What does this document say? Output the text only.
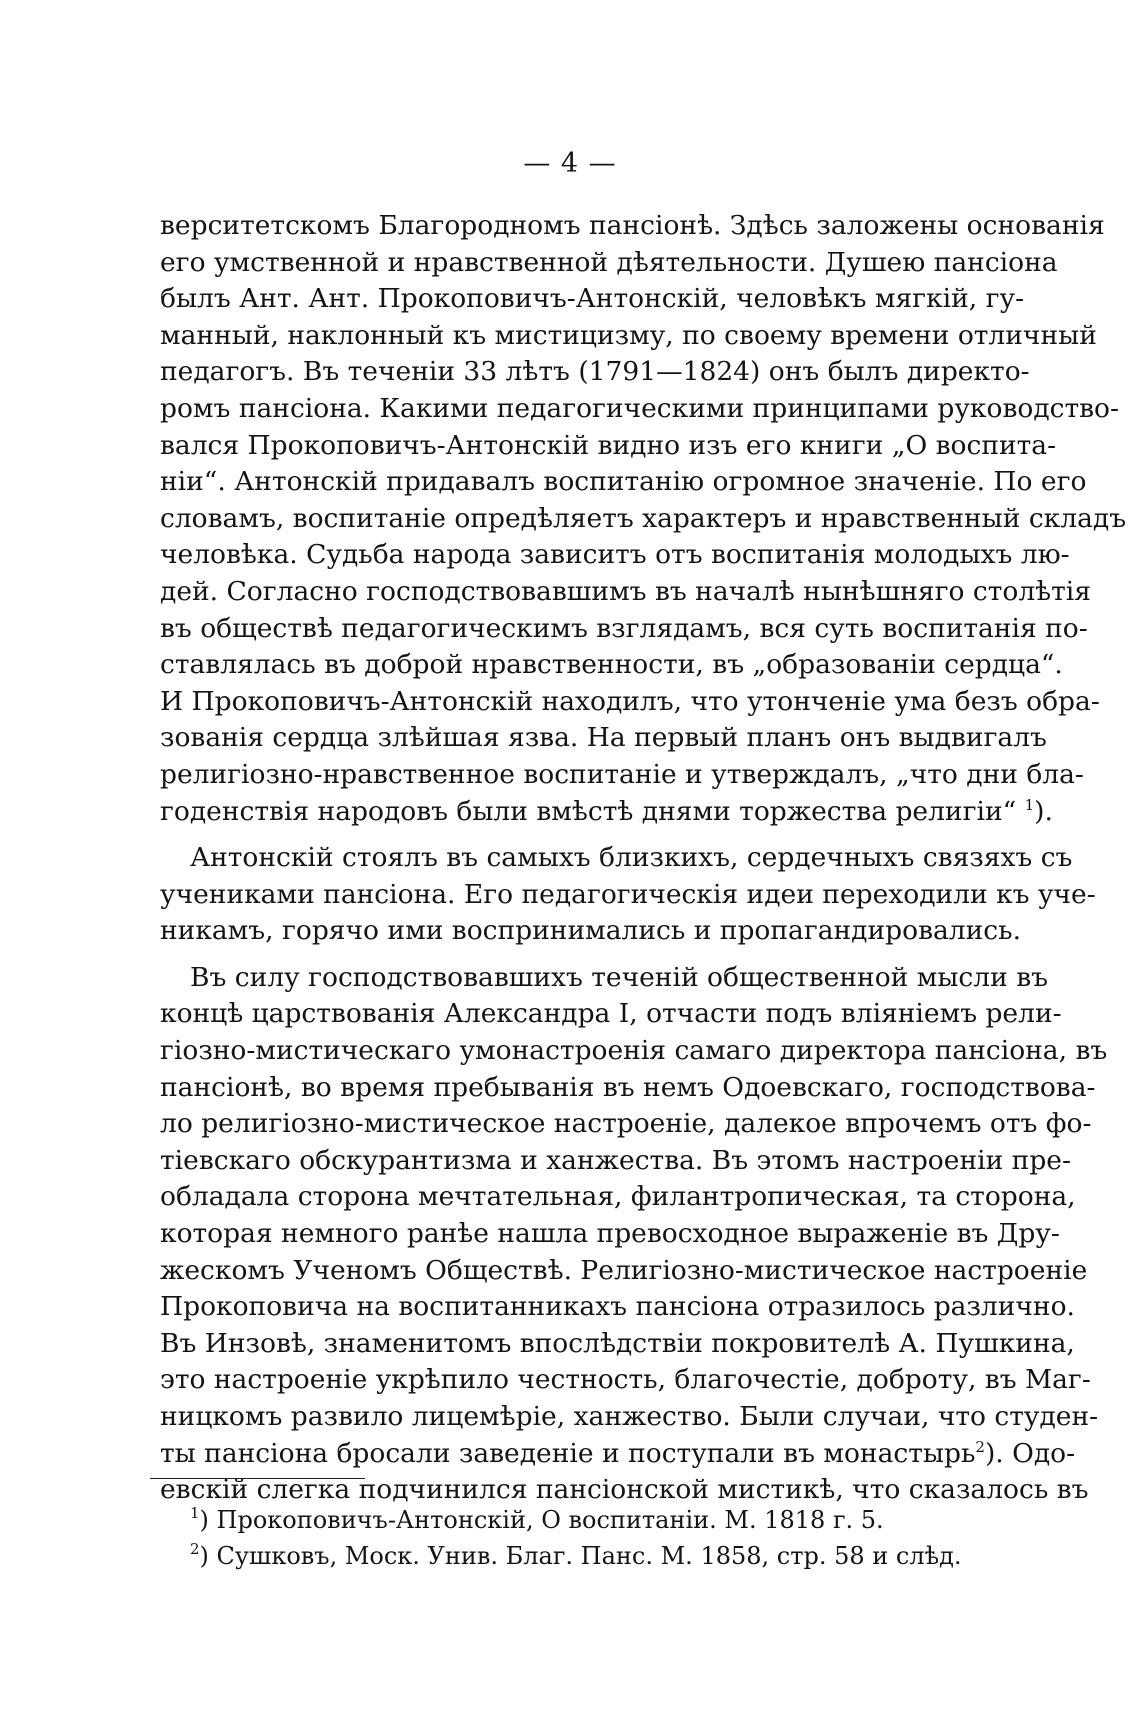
— 4 —
верситетскомъ Благородномъ пансіонѣ. Здѣсь заложены основанія
его умственной и нравственной дѣятельности. Душею пансіона
былъ Ант. Ант. Прокоповичъ-Антонскій, человѣкъ мягкій, гу-
манный, наклонный къ мистицизму, по своему времени отличный
педагогъ. Въ теченіи 33 лѣтъ (1791—1824) онъ былъ директо-
ромъ пансіона. Какими педагогическими принципами руководство-
вался Прокоповичъ-Антонскій видно изъ его книги „О воспита-
ніи“. Антонскій придавалъ воспитанію огромное значеніе. По его
словамъ, воспитаніе опредѣляетъ характеръ и нравственный складъ
человѣка. Судьба народа зависитъ отъ воспитанія молодыхъ лю-
дей. Согласно господствовавшимъ въ началѣ нынѣшняго столѣтія
въ обществѣ педагогическимъ взглядамъ, вся суть воспитанія по-
ставлялась въ доброй нравственности, въ „образованіи сердца“.
И Прокоповичъ-Антонскій находилъ, что утонченіе ума безъ обра-
зованія сердца злѣйшая язва. На первый планъ онъ выдвигалъ
религіозно-нравственное воспитаніе и утверждалъ, „что дни бла-
годенствія народовъ были вмѣстѣ днями торжества религіи“ $^1$).
Антонскій стоялъ въ самыхъ близкихъ, сердечныхъ связяхъ съ
учениками пансіона. Его педагогическія идеи переходили къ уче-
никамъ, горячо ими воспринимались и пропагандировались.
Въ силу господствовавшихъ теченій общественной мысли въ
концѣ царствованія Александра I, отчасти подъ вліяніемъ рели-
гіозно-мистическаго умонастроенія самаго директора пансіона, въ
пансіонѣ, во время пребыванія въ немъ Одоевскаго, господствова-
ло религіозно-мистическое настроеніе, далекое впрочемъ отъ фо-
тіевскаго обскурантизма и ханжества. Въ этомъ настроеніи пре-
обладала сторона мечтательная, филантропическая, та сторона,
которая немного ранѣе нашла превосходное выраженіе въ Дру-
жескомъ Ученомъ Обществѣ. Религіозно-мистическое настроеніе
Прокоповича на воспитанникахъ пансіона отразилось различно.
Въ Инзовѣ, знаменитомъ впослѣдствіи покровителѣ А. Пушкина,
это настроеніе укрѣпило честность, благочестіе, доброту, въ Маг-
ницкомъ развило лицемѣріе, ханжество. Были случаи, что студен-
ты пансіона бросали заведеніе и поступали въ монастырь$^2$). Одо-
евскій слегка подчинился пансіонской мистикѣ, что сказалось въ
$^1$) Прокоповичъ-Антонскій, О воспитаніи. М. 1818 г. 5.
$^2$) Сушковъ, Моск. Унив. Благ. Панс. М. 1858, стр. 58 и слѣд.
